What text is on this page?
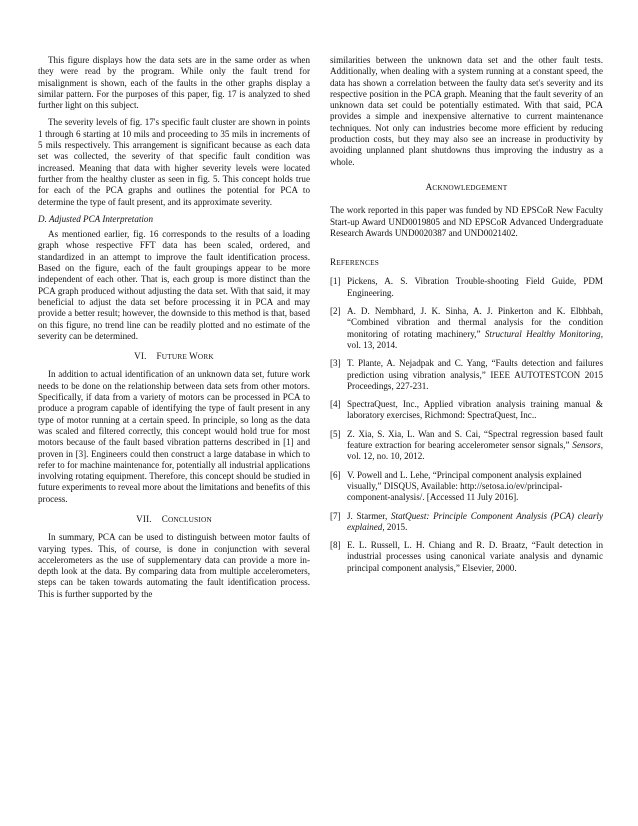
This figure displays how the data sets are in the same order as when they were read by the program. While only the fault trend for misalignment is shown, each of the faults in the other graphs display a similar pattern. For the purposes of this paper, fig. 17 is analyzed to shed further light on this subject.

The severity levels of fig. 17's specific fault cluster are shown in points 1 through 6 starting at 10 mils and proceeding to 35 mils in increments of 5 mils respectively. This arrangement is significant because as each data set was collected, the severity of that specific fault condition was increased. Meaning that data with higher severity levels were located further from the healthy cluster as seen in fig. 5. This concept holds true for each of the PCA graphs and outlines the potential for PCA to determine the type of fault present, and its approximate severity.

D. Adjusted PCA Interpretation

As mentioned earlier, fig. 16 corresponds to the results of a loading graph whose respective FFT data has been scaled, ordered, and standardized in an attempt to improve the fault identification process. Based on the figure, each of the fault groupings appear to be more independent of each other. That is, each group is more distinct than the PCA graph produced without adjusting the data set. With that said, it may beneficial to adjust the data set before processing it in PCA and may provide a better result; however, the downside to this method is that, based on this figure, no trend line can be readily plotted and no estimate of the severity can be determined.

VI. FUTURE WORK

In addition to actual identification of an unknown data set, future work needs to be done on the relationship between data sets from other motors. Specifically, if data from a variety of motors can be processed in PCA to produce a program capable of identifying the type of fault present in any type of motor running at a certain speed. In principle, so long as the data was scaled and filtered correctly, this concept would hold true for most motors because of the fault based vibration patterns described in [1] and proven in [3]. Engineers could then construct a large database in which to refer to for machine maintenance for, potentially all industrial applications involving rotating equipment. Therefore, this concept should be studied in future experiments to reveal more about the limitations and benefits of this process.

VII. CONCLUSION

In summary, PCA can be used to distinguish between motor faults of varying types. This, of course, is done in conjunction with several accelerometers as the use of supplementary data can provide a more in-depth look at the data. By comparing data from multiple accelerometers, steps can be taken towards automating the fault identification process. This is further supported by the

similarities between the unknown data set and the other fault tests. Additionally, when dealing with a system running at a constant speed, the data has shown a correlation between the faulty data set's severity and its respective position in the PCA graph. Meaning that the fault severity of an unknown data set could be potentially estimated. With that said, PCA provides a simple and inexpensive alternative to current maintenance techniques. Not only can industries become more efficient by reducing production costs, but they may also see an increase in productivity by avoiding unplanned plant shutdowns thus improving the industry as a whole.

ACKNOWLEDGEMENT

The work reported in this paper was funded by ND EPSCoR New Faculty Start-up Award UND0019805 and ND EPSCoR Advanced Undergraduate Research Awards UND0020387 and UND0021402.

REFERENCES
[1] Pickens, A. S. Vibration Trouble-shooting Field Guide, PDM Engineering.
[2] A. D. Nembhard, J. K. Sinha, A. J. Pinkerton and K. Elbhbah, “Combined vibration and thermal analysis for the condition monitoring of rotating machinery,” Structural Healthy Monitoring, vol. 13, 2014.
[3] T. Plante, A. Nejadpak and C. Yang, “Faults detection and failures prediction using vibration analysis,” IEEE AUTOTESTCON 2015 Proceedings, 227-231.
[4] SpectraQuest, Inc., Applied vibration analysis training manual & laboratory exercises, Richmond: SpectraQuest, Inc..
[5] Z. Xia, S. Xia, L. Wan and S. Cai, “Spectral regression based fault feature extraction for bearing accelerometer sensor signals,” Sensors, vol. 12, no. 10, 2012.
[6] V. Powell and L. Lehe, “Principal component analysis explained visually,” DISQUS, Available: http://setosa.io/ev/principal-component-analysis/. [Accessed 11 July 2016].
[7] J. Starmer, StatQuest: Principle Component Analysis (PCA) clearly explained, 2015.
[8] E. L. Russell, L. H. Chiang and R. D. Braatz, “Fault detection in industrial processes using canonical variate analysis and dynamic principal component analysis,” Elsevier, 2000.
